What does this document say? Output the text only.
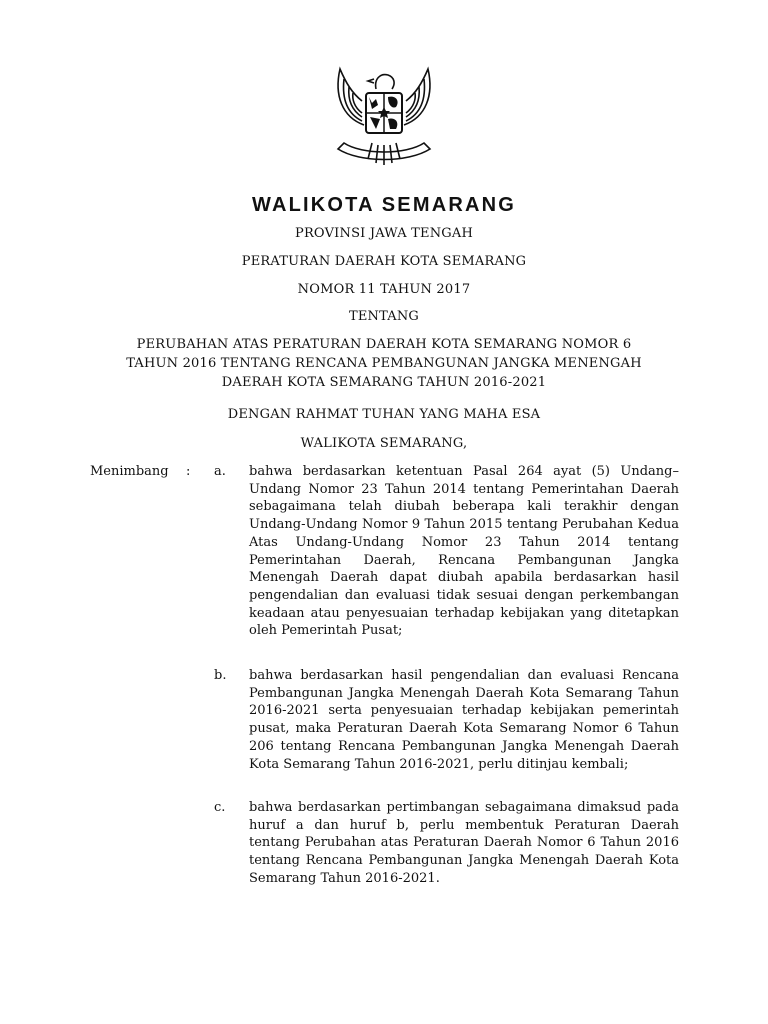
WALIKOTA SEMARANG
PROVINSI JAWA TENGAH
PERATURAN DAERAH KOTA SEMARANG
NOMOR 11 TAHUN 2017
TENTANG
PERUBAHAN ATAS PERATURAN DAERAH KOTA SEMARANG NOMOR 6
TAHUN 2016 TENTANG RENCANA PEMBANGUNAN JANGKA MENENGAH
DAERAH KOTA SEMARANG TAHUN 2016-2021
DENGAN RAHMAT TUHAN YANG MAHA ESA
WALIKOTA SEMARANG,
Menimbang : a. bahwa berdasarkan ketentuan Pasal 264 ayat (5) Undang–Undang Nomor 23 Tahun 2014 tentang Pemerintahan Daerah sebagaimana telah diubah beberapa kali terakhir dengan Undang-Undang Nomor 9 Tahun 2015 tentang Perubahan Kedua Atas Undang-Undang Nomor 23 Tahun 2014 tentang Pemerintahan Daerah, Rencana Pembangunan Jangka Menengah Daerah dapat diubah apabila berdasarkan hasil pengendalian dan evaluasi tidak sesuai dengan perkembangan keadaan atau penyesuaian terhadap kebijakan yang ditetapkan oleh Pemerintah Pusat;
b. bahwa berdasarkan hasil pengendalian dan evaluasi Rencana Pembangunan Jangka Menengah Daerah Kota Semarang Tahun 2016-2021 serta penyesuaian terhadap kebijakan pemerintah pusat, maka Peraturan Daerah Kota Semarang Nomor 6 Tahun 206 tentang Rencana Pembangunan Jangka Menengah Daerah Kota Semarang Tahun 2016-2021, perlu ditinjau kembali;
c. bahwa berdasarkan pertimbangan sebagaimana dimaksud pada huruf a dan huruf b, perlu membentuk Peraturan Daerah tentang Perubahan atas Peraturan Daerah Nomor 6 Tahun 2016 tentang Rencana Pembangunan Jangka Menengah Daerah Kota Semarang Tahun 2016-2021.
